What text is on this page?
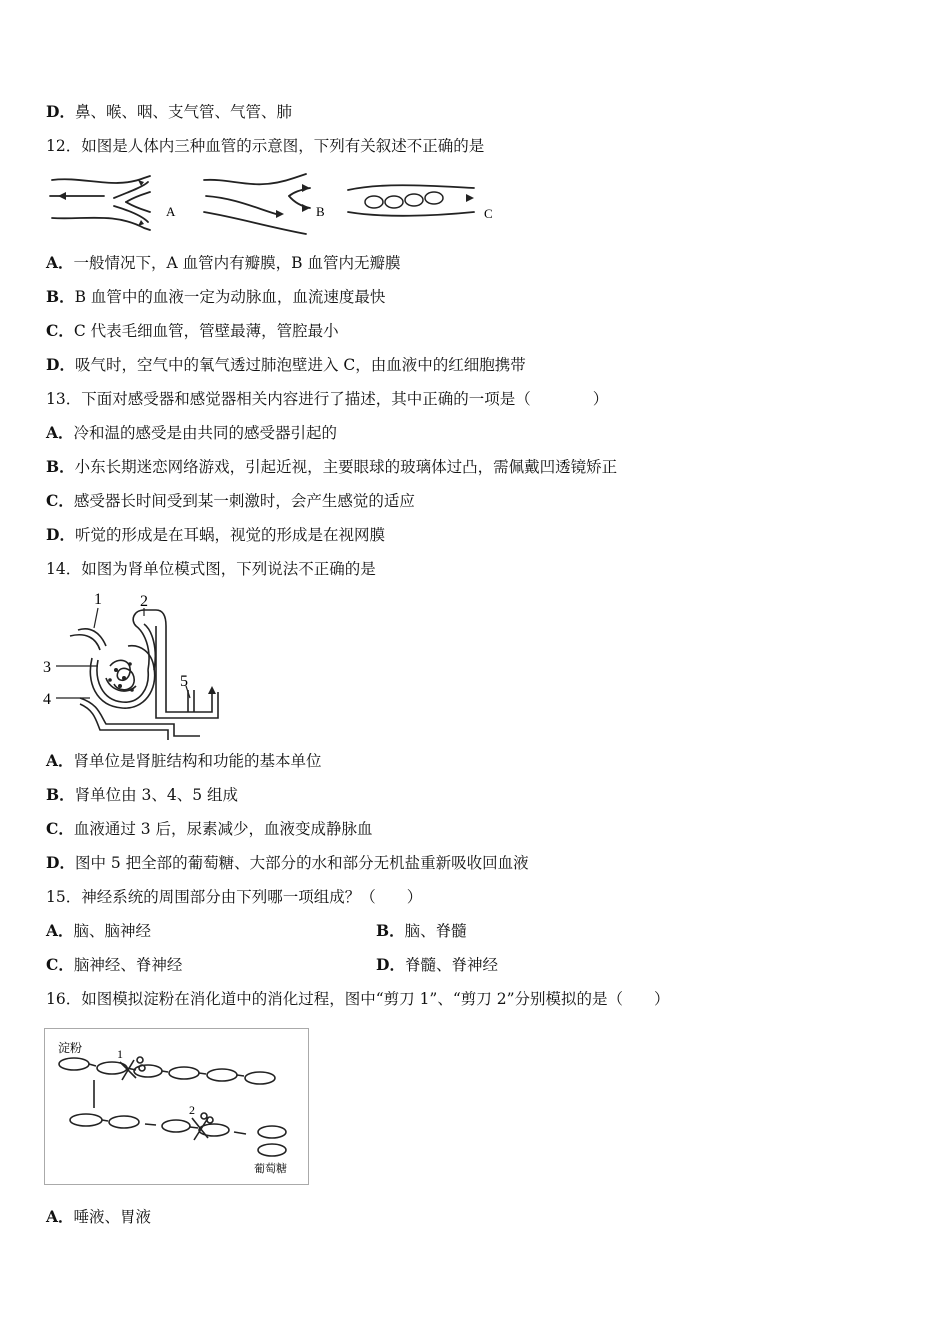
D．鼻、喉、咽、支气管、气管、肺
12．如图是人体内三种血管的示意图，下列有关叙述不正确的是
A	B	C
A．一般情况下，A 血管内有瓣膜，B 血管内无瓣膜
B．B 血管中的血液一定为动脉血，血流速度最快
C．C 代表毛细血管，管壁最薄，管腔最小
D．吸气时，空气中的氧气透过肺泡壁进入 C，由血液中的红细胞携带
13．下面对感受器和感觉器相关内容进行了描述，其中正确的一项是（　　　　）
A．冷和温的感受是由共同的感受器引起的
B．小东长期迷恋网络游戏，引起近视，主要眼球的玻璃体过凸，需佩戴凹透镜矫正
C．感受器长时间受到某一刺激时，会产生感觉的适应
D．听觉的形成是在耳蜗，视觉的形成是在视网膜
14．如图为肾单位模式图，下列说法不正确的是
1 2
3
4
5
A．肾单位是肾脏结构和功能的基本单位
B．肾单位由 3、4、5 组成
C．血液通过 3 后，尿素减少，血液变成静脉血
D．图中 5 把全部的葡萄糖、大部分的水和部分无机盐重新吸收回血液
15．神经系统的周围部分由下列哪一项组成？（　　）
A．脑、脑神经	B．脑、脊髓
C．脑神经、脊神经	D．脊髓、脊神经
16．如图模拟淀粉在消化道中的消化过程，图中“剪刀 1”、“剪刀 2”分别模拟的是（　　）
淀粉	1
2
葡萄糖
A．唾液、胃液
